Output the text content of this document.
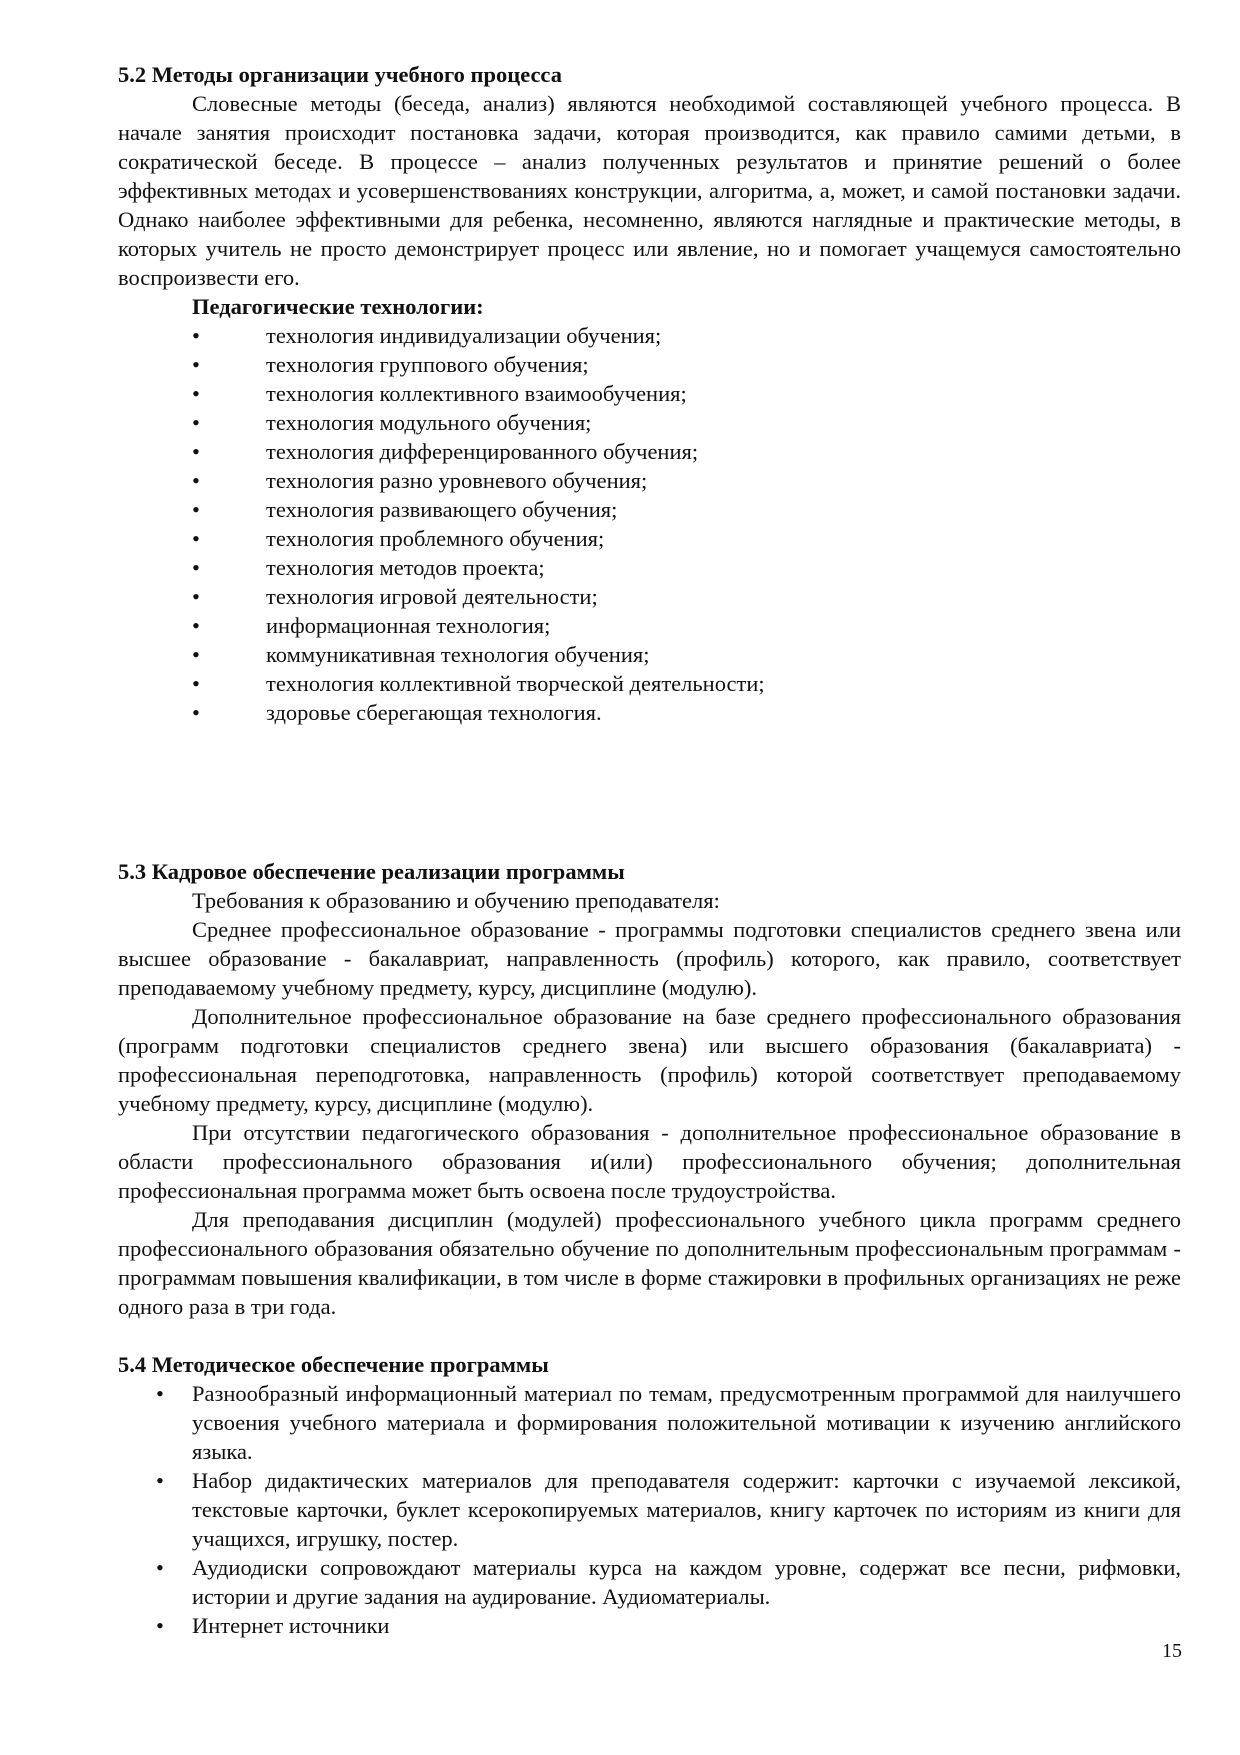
5.2 Методы организации учебного процесса

Словесные методы (беседа, анализ) являются необходимой составляющей учебного процесса. В начале занятия происходит постановка задачи, которая производится, как правило самими детьми, в сократической беседе. В процессе – анализ полученных результатов и принятие решений о более эффективных методах и усовершенствованиях конструкции, алгоритма, а, может, и самой постановки задачи. Однако наиболее эффективными для ребенка, несомненно, являются наглядные и практические методы, в которых учитель не просто демонстрирует процесс или явление, но и помогает учащемуся самостоятельно воспроизвести его.

Педагогические технологии:

•	технология индивидуализации обучения;
•	технология группового обучения;
•	технология коллективного взаимообучения;
•	технология модульного обучения;
•	технология дифференцированного обучения;
•	технология разно уровневого обучения;
•	технология развивающего обучения;
•	технология проблемного обучения;
•	технология методов проекта;
•	технология игровой деятельности;
•	информационная технология;
•	коммуникативная технология обучения;
•	технология коллективной творческой деятельности;
•	здоровье сберегающая технология.

5.3 Кадровое обеспечение реализации программы

Требования к образованию и обучению преподавателя:

Среднее профессиональное образование - программы подготовки специалистов среднего звена или высшее образование - бакалавриат, направленность (профиль) которого, как правило, соответствует преподаваемому учебному предмету, курсу, дисциплине (модулю).

Дополнительное профессиональное образование на базе среднего профессионального образования (программ подготовки специалистов среднего звена) или высшего образования (бакалавриата) - профессиональная переподготовка, направленность (профиль) которой соответствует преподаваемому учебному предмету, курсу, дисциплине (модулю).

При отсутствии педагогического образования - дополнительное профессиональное образование в области профессионального образования и(или) профессионального обучения; дополнительная профессиональная программа может быть освоена после трудоустройства.

Для преподавания дисциплин (модулей) профессионального учебного цикла программ среднего профессионального образования обязательно обучение по дополнительным профессиональным программам - программам повышения квалификации, в том числе в форме стажировки в профильных организациях не реже одного раза в три года.

5.4 Методическое обеспечение программы

• Разнообразный информационный материал по темам, предусмотренным программой для наилучшего усвоения учебного материала и формирования положительной мотивации к изучению английского языка.
• Набор дидактических материалов для преподавателя содержит: карточки с изучаемой лексикой, текстовые карточки, буклет ксерокопируемых материалов, книгу карточек по историям из книги для учащихся, игрушку, постер.
• Аудиодиски сопровождают материалы курса на каждом уровне, содержат все песни, рифмовки, истории и другие задания на аудирование. Аудиоматериалы.
• Интернет источники
15
